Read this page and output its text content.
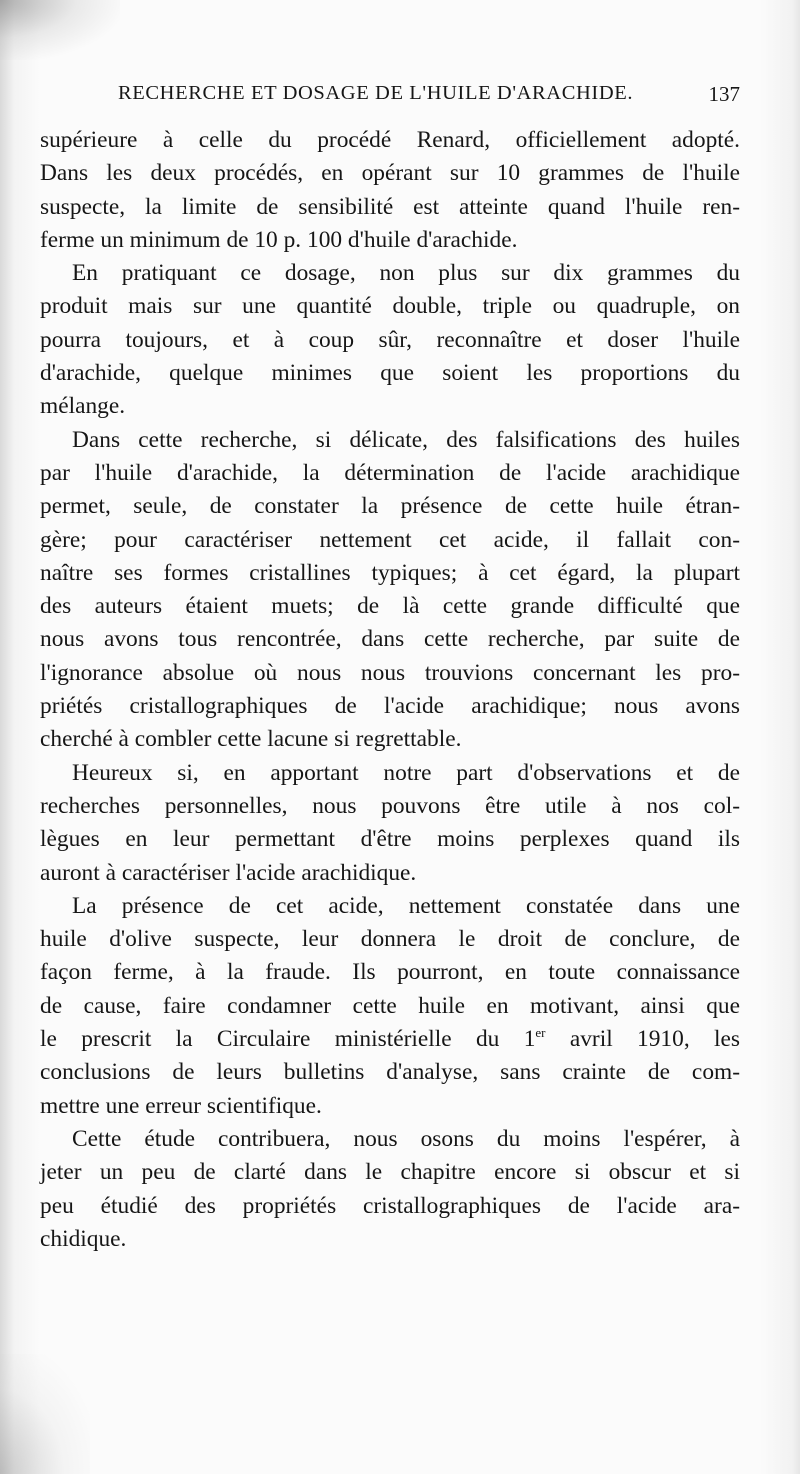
RECHERCHE ET DOSAGE DE L'HUILE D'ARACHIDE.	137
supérieure à celle du procédé Renard, officiellement adopté.
Dans les deux procédés, en opérant sur 10 grammes de l'huile
suspecte, la limite de sensibilité est atteinte quand l'huile ren-
ferme un minimum de 10 p. 100 d'huile d'arachide.
En pratiquant ce dosage, non plus sur dix grammes du
produit mais sur une quantité double, triple ou quadruple, on
pourra toujours, et à coup sûr, reconnaître et doser l'huile
d'arachide, quelque minimes que soient les proportions du
mélange.
Dans cette recherche, si délicate, des falsifications des huiles
par l'huile d'arachide, la détermination de l'acide arachidique
permet, seule, de constater la présence de cette huile étran-
gère; pour caractériser nettement cet acide, il fallait con-
naître ses formes cristallines typiques; à cet égard, la plupart
des auteurs étaient muets; de là cette grande difficulté que
nous avons tous rencontrée, dans cette recherche, par suite de
l'ignorance absolue où nous nous trouvions concernant les pro-
priétés cristallographiques de l'acide arachidique; nous avons
cherché à combler cette lacune si regrettable.
Heureux si, en apportant notre part d'observations et de
recherches personnelles, nous pouvons être utile à nos col-
lègues en leur permettant d'être moins perplexes quand ils
auront à caractériser l'acide arachidique.
La présence de cet acide, nettement constatée dans une
huile d'olive suspecte, leur donnera le droit de conclure, de
façon ferme, à la fraude. Ils pourront, en toute connaissance
de cause, faire condamner cette huile en motivant, ainsi que
le prescrit la Circulaire ministérielle du 1er avril 1910, les
conclusions de leurs bulletins d'analyse, sans crainte de com-
mettre une erreur scientifique.
Cette étude contribuera, nous osons du moins l'espérer, à
jeter un peu de clarté dans le chapitre encore si obscur et si
peu étudié des propriétés cristallographiques de l'acide ara-
chidique.
